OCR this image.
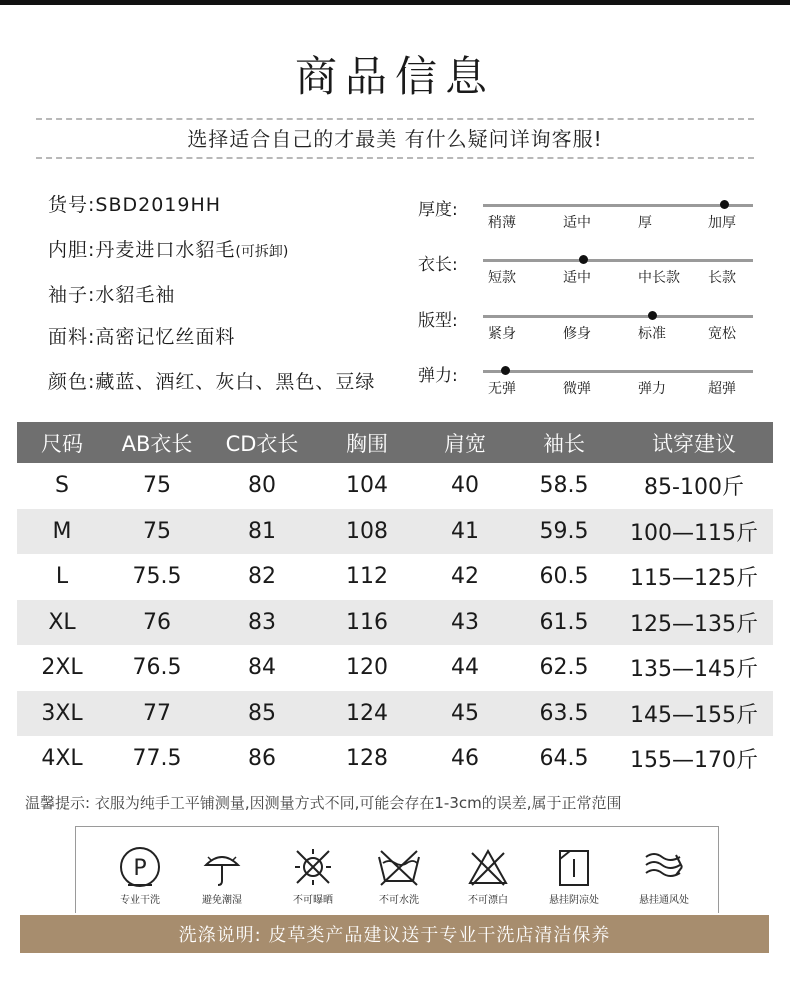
商品信息
选择适合自己的才最美 有什么疑问详询客服!
货号:SBD2019HH
内胆:丹麦进口水貂毛(可拆卸)
袖子:水貂毛袖
面料:高密记忆丝面料
颜色:藏蓝、酒红、灰白、黑色、豆绿
厚度:
稍薄	适中	厚	加厚
衣长:
短款	适中	中长款 长款
版型:
紧身	修身	标准	宽松
弹力:
无弹	微弹	弹力	超弹
尺码	AB衣长	CD衣长	胸围	肩宽	袖长	试穿建议
S	75	80	104	40	58.5	85-100斤
M	75	81	108	41	59.5	100—115斤
L	75.5	82	112	42	60.5	115—125斤
XL	76	83	116	43	61.5	125—135斤
2XL	76.5	84	120	44	62.5	135—145斤
3XL	77	85	124	45	63.5	145—155斤
4XL	77.5	86	128	46	64.5	155—170斤
温馨提示: 衣服为纯手工平铺测量,因测量方式不同,可能会存在1-3cm的误差,属于正常范围
P
专业干洗	避免潮湿	不可曝晒	不可水洗	不可漂白	悬挂阴凉处	悬挂通风处
洗涤说明: 皮草类产品建议送于专业干洗店清洁保养
